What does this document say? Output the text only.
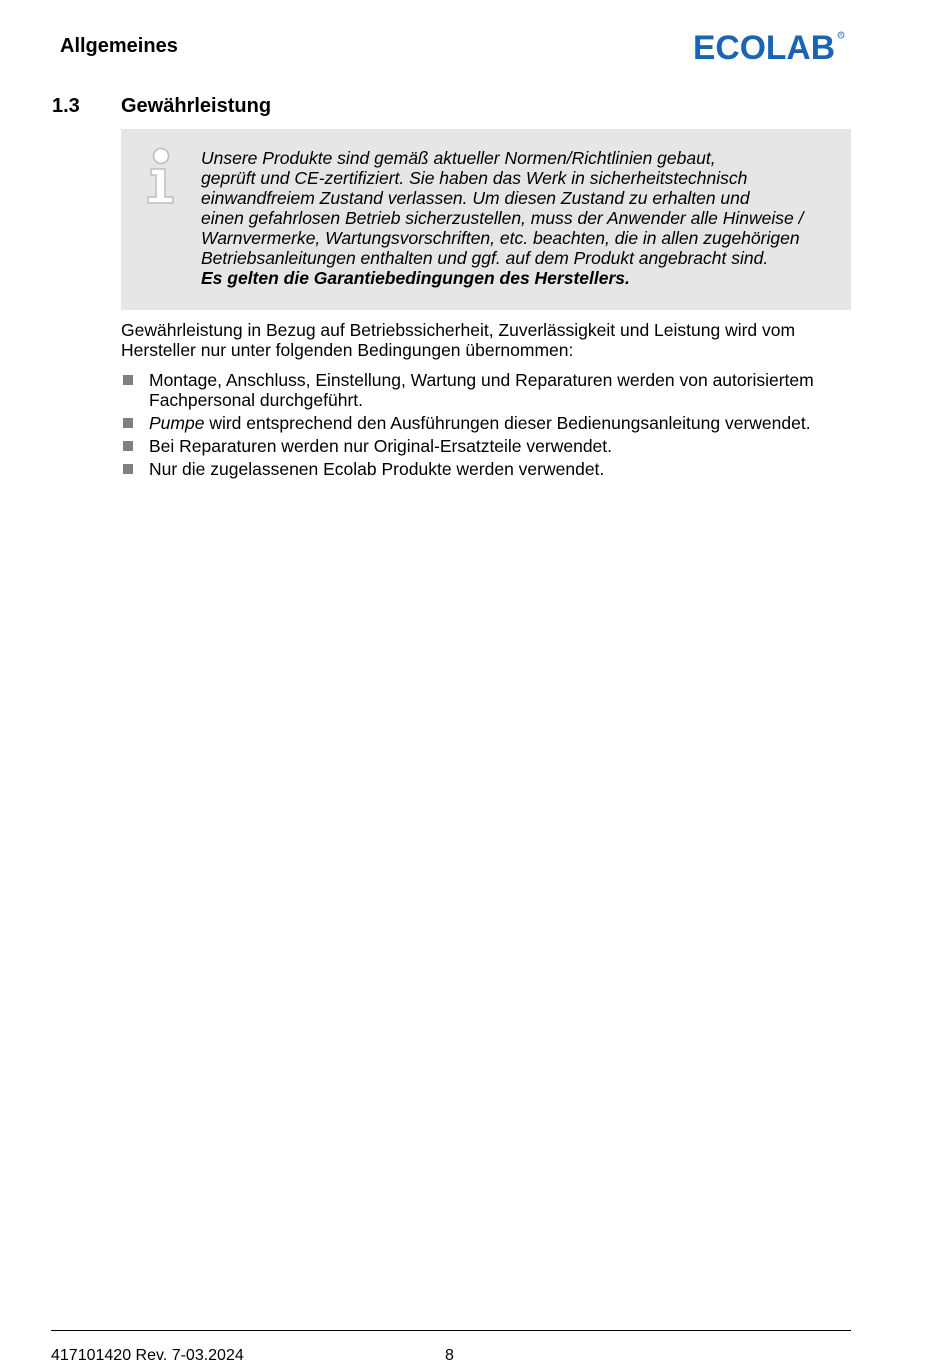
Allgemeines	ECOLAB R
1.3 Gewährleistung
Unsere Produkte sind gemäß aktueller Normen/Richtlinien gebaut,
geprüft und CE-zertifiziert. Sie haben das Werk in sicherheitstechnisch
einwandfreiem Zustand verlassen. Um diesen Zustand zu erhalten und
einen gefahrlosen Betrieb sicherzustellen, muss der Anwender alle Hinweise /
Warnvermerke, Wartungsvorschriften, etc. beachten, die in allen zugehörigen
Betriebsanleitungen enthalten und ggf. auf dem Produkt angebracht sind.
Es gelten die Garantiebedingungen des Herstellers.
Gewährleistung in Bezug auf Betriebssicherheit, Zuverlässigkeit und Leistung wird vom
Hersteller nur unter folgenden Bedingungen übernommen:
Montage, Anschluss, Einstellung, Wartung und Reparaturen werden von autorisiertem
Fachpersonal durchgeführt.
Pumpe wird entsprechend den Ausführungen dieser Bedienungsanleitung verwendet.
Bei Reparaturen werden nur Original-Ersatzteile verwendet.
Nur die zugelassenen Ecolab Produkte werden verwendet.
417101420 Rev. 7-03.2024	8
